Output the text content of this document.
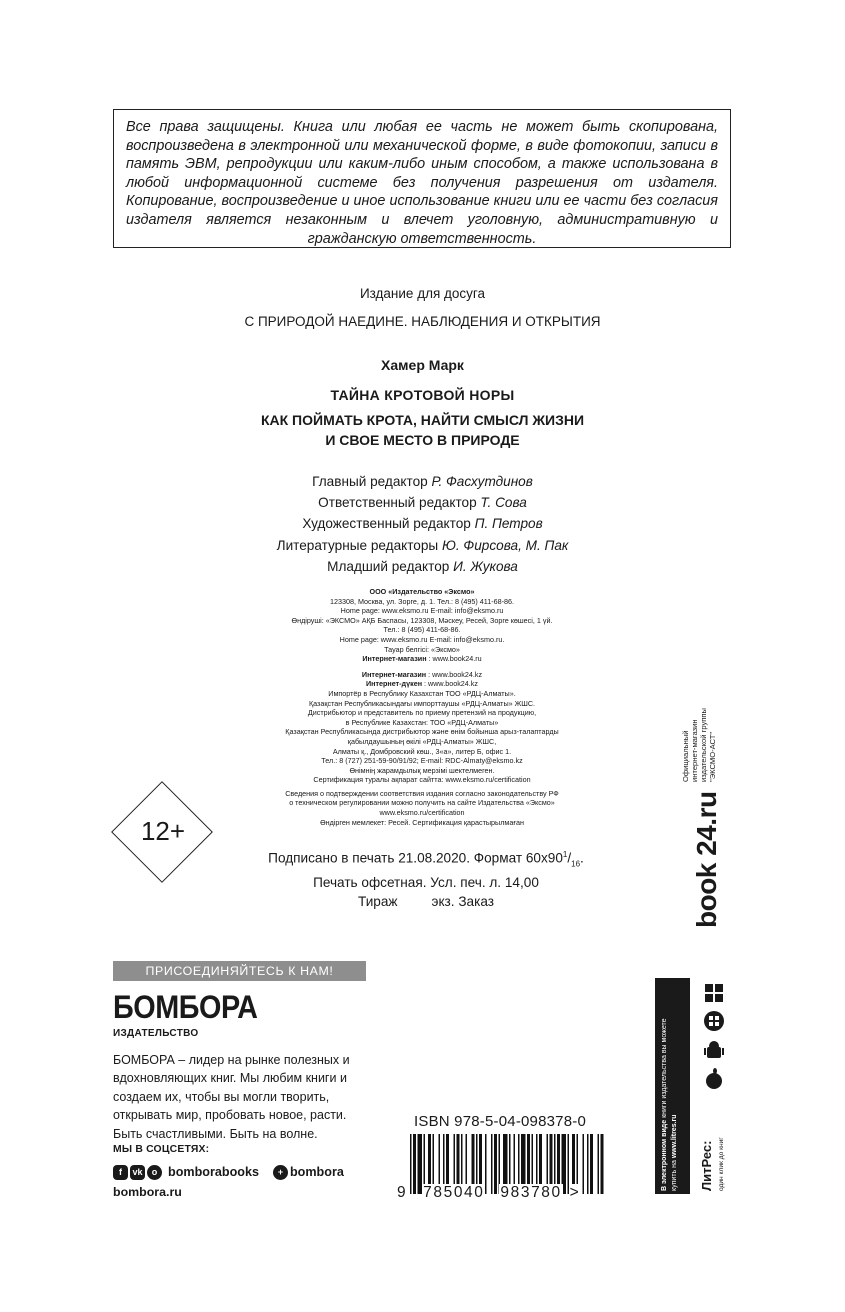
Все права защищены. Книга или любая ее часть не может быть скопирована, воспроизведена в электронной или механической форме, в виде фотокопии, записи в память ЭВМ, репродукции или каким-либо иным способом, а также использована в любой информационной системе без получения разрешения от издателя. Копирование, воспроизведение и иное использование книги или ее части без согласия издателя является незаконным и влечет уголовную, административную и гражданскую ответственность.
Издание для досуга
С ПРИРОДОЙ НАЕДИНЕ. НАБЛЮДЕНИЯ И ОТКРЫТИЯ
Хамер Марк
ТАЙНА КРОТОВОЙ НОРЫ
КАК ПОЙМАТЬ КРОТА, НАЙТИ СМЫСЛ ЖИЗНИ
И СВОЕ МЕСТО В ПРИРОДЕ
Главный редактор Р. Фасхутдинов
Ответственный редактор Т. Сова
Художественный редактор П. Петров
Литературные редакторы Ю. Фирсова, М. Пак
Младший редактор И. Жукова
ООО «Издательство «Эксмо»
123308, Москва, ул. Зорге, д. 1. Тел.: 8 (495) 411-68-86.
Home page: www.eksmo.ru E-mail: info@eksmo.ru
Өндіруші: «ЭКСМО» АҚБ Баспасы, 123308, Мәскеу, Ресей, Зорге көшесі, 1 үй.
Тел.: 8 (495) 411-68-86.
Home page: www.eksmo.ru E-mail: info@eksmo.ru.
Тауар белгісі: «Эксмо»
Интернет-магазин : www.book24.ru
Интернет-магазин : www.book24.kz
Интернет-дүкен : www.book24.kz
Импортёр в Республику Казахстан ТОО «РДЦ-Алматы».
Қазақстан Республикасындағы импорттаушы «РДЦ-Алматы» ЖШС.
Дистрибьютор и представитель по приему претензий на продукцию,
в Республике Казахстан: ТОО «РДЦ-Алматы»
Қазақстан Республикасында дистрибьютор және өнім бойынша арыз-талаптарды
қабылдаушының өкілі «РДЦ-Алматы» ЖШС,
Алматы қ., Домбровский көш., 3«а», литер Б, офис 1.
Тел.: 8 (727) 251-59-90/91/92; E-mail: RDC-Almaty@eksmo.kz
Өнімнің жарамдылық мерзімі шектелмеген.
Сертификация туралы ақпарат сайтта: www.eksmo.ru/certification
Сведения о подтверждении соответствия издания согласно законодательству РФ
о техническом регулировании можно получить на сайте Издательства «Эксмо»
www.eksmo.ru/certification
Өндірген мемлекет: Ресей. Сертификация қарастырылмаған
12+
Подписано в печать 21.08.2020. Формат $60х90^1/_{16}$.
Печать офсетная. Усл. печ. л. 14,00
Тираж         экз. Заказ
ПРИСОЕДИНЯЙТЕСЬ К НАМ!
БОМБОРА
ИЗДАТЕЛЬСТВО
БОМБОРА – лидер на рынке полезных и вдохновляющих книг. Мы любим книги и создаем их, чтобы вы могли творить, открывать мир, пробовать новое, расти. Быть счастливыми. Быть на волне.
МЫ В СОЦСЕТЯХ:
f	vk	o bomborabooks	+ bombora
bombora.ru
ISBN 978-5-04-098378-0
9 785040 983780 >
book 24.ru
Официальный интернет-магазин издательской группы "ЭКСМО-АСТ"
В электронном виде книги издательства вы можете
купить на www.litres.ru
ЛитРес: один клик до книг
